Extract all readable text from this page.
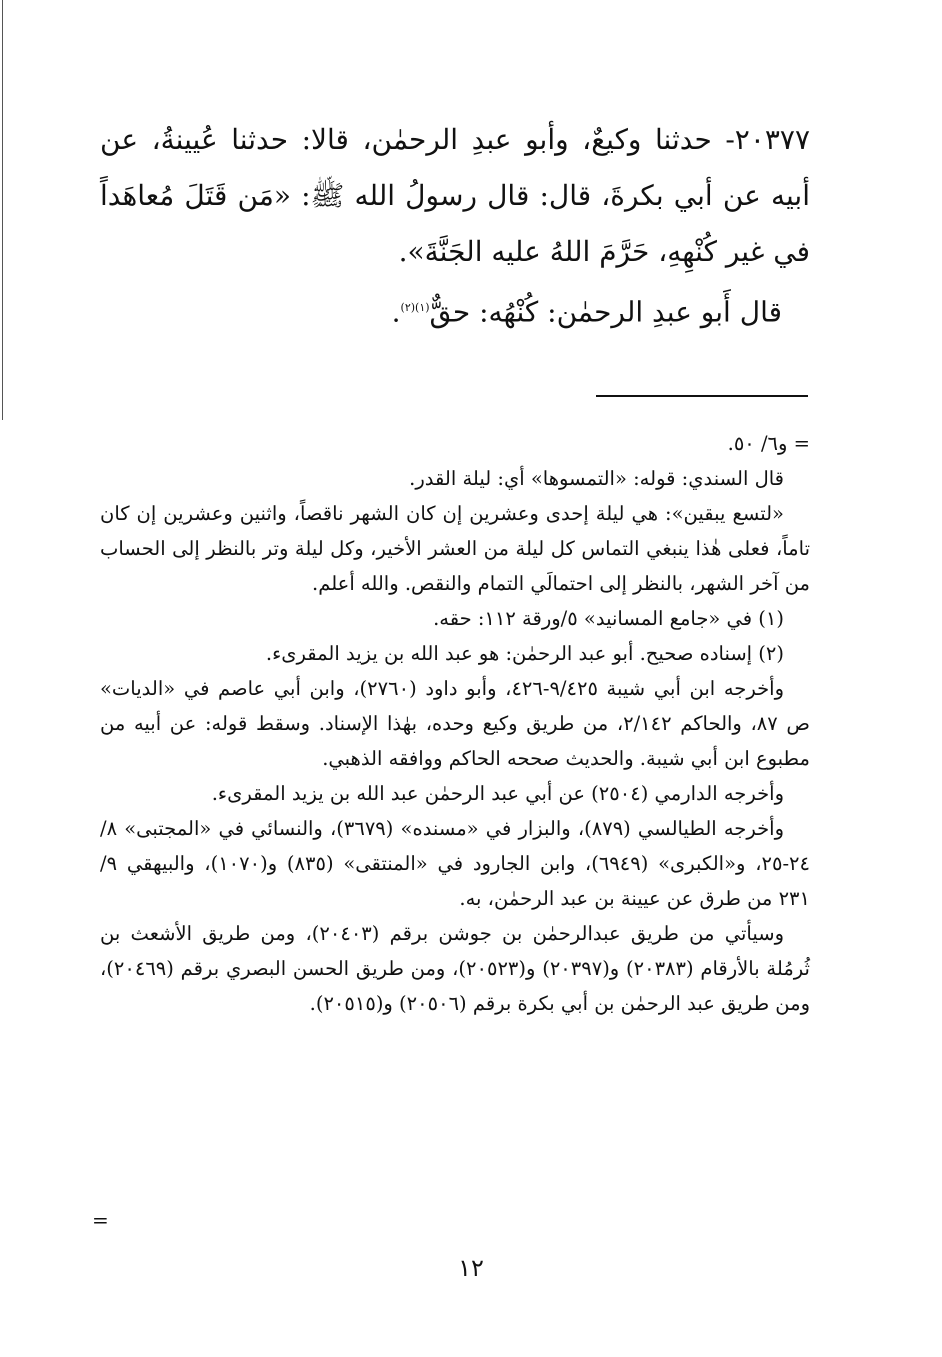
٢٠٣٧٧- حدثنا وكيعٌ، وأبو عبدِ الرحمٰن، قالا: حدثنا عُيينةُ، عن أبيه عن أبي بكرةَ، قال: قال رسولُ الله ﷺ: «مَن قَتَلَ مُعاهَداً في غير كُنْهِهِ، حَرَّمَ اللهُ عليه الجَنَّةَ».

قال أَبو عبدِ الرحمٰن: كُنْهُه: حقٌّ$^{(١)(٢)}$.

= و٦/ ٥٠.

قال السندي: قوله: «التمسوها» أي: ليلة القدر.

«لتسع يبقين»: هي ليلة إحدى وعشرين إن كان الشهر ناقصاً، واثنين وعشرين إن كان تاماً، فعلى هٰذا ينبغي التماس كل ليلة من العشر الأخير، وكل ليلة وتر بالنظر إلى الحساب من آخر الشهر، بالنظر إلى احتمالَي التمام والنقص. والله أعلم.

(١) في «جامع المسانيد» ٥/ورقة ١١٢: حقه.

(٢) إسناده صحيح. أبو عبد الرحمٰن: هو عبد الله بن يزيد المقرىء.

وأخرجه ابن أبي شيبة ٩/٤٢٥-٤٢٦، وأبو داود (٢٧٦٠)، وابن أبي عاصم في «الديات» ص ٨٧، والحاكم ٢/١٤٢، من طريق وكيع وحده، بهٰذا الإسناد. وسقط قوله: عن أبيه من مطبوع ابن أبي شيبة. والحديث صححه الحاكم ووافقه الذهبي.

وأخرجه الدارمي (٢٥٠٤) عن أبي عبد الرحمٰن عبد الله بن يزيد المقرىء.

وأخرجه الطيالسي (٨٧٩)، والبزار في «مسنده» (٣٦٧٩)، والنسائي في «المجتبى» ٨/ ٢٤-٢٥، و«الكبرى» (٦٩٤٩)، وابن الجارود في «المنتقى» (٨٣٥) و(١٠٧٠)، والبيهقي ٩/ ٢٣١ من طرق عن عيينة بن عبد الرحمٰن، به.

وسيأتي من طريق عبدالرحمٰن بن جوشن برقم (٢٠٤٠٣)، ومن طريق الأشعث بن ثُرمُلة بالأرقام (٢٠٣٨٣) و(٢٠٣٩٧) و(٢٠٥٢٣)، ومن طريق الحسن البصري برقم (٢٠٤٦٩)، ومن طريق عبد الرحمٰن بن أبي بكرة برقم (٢٠٥٠٦) و(٢٠٥١٥).

=
١٢
